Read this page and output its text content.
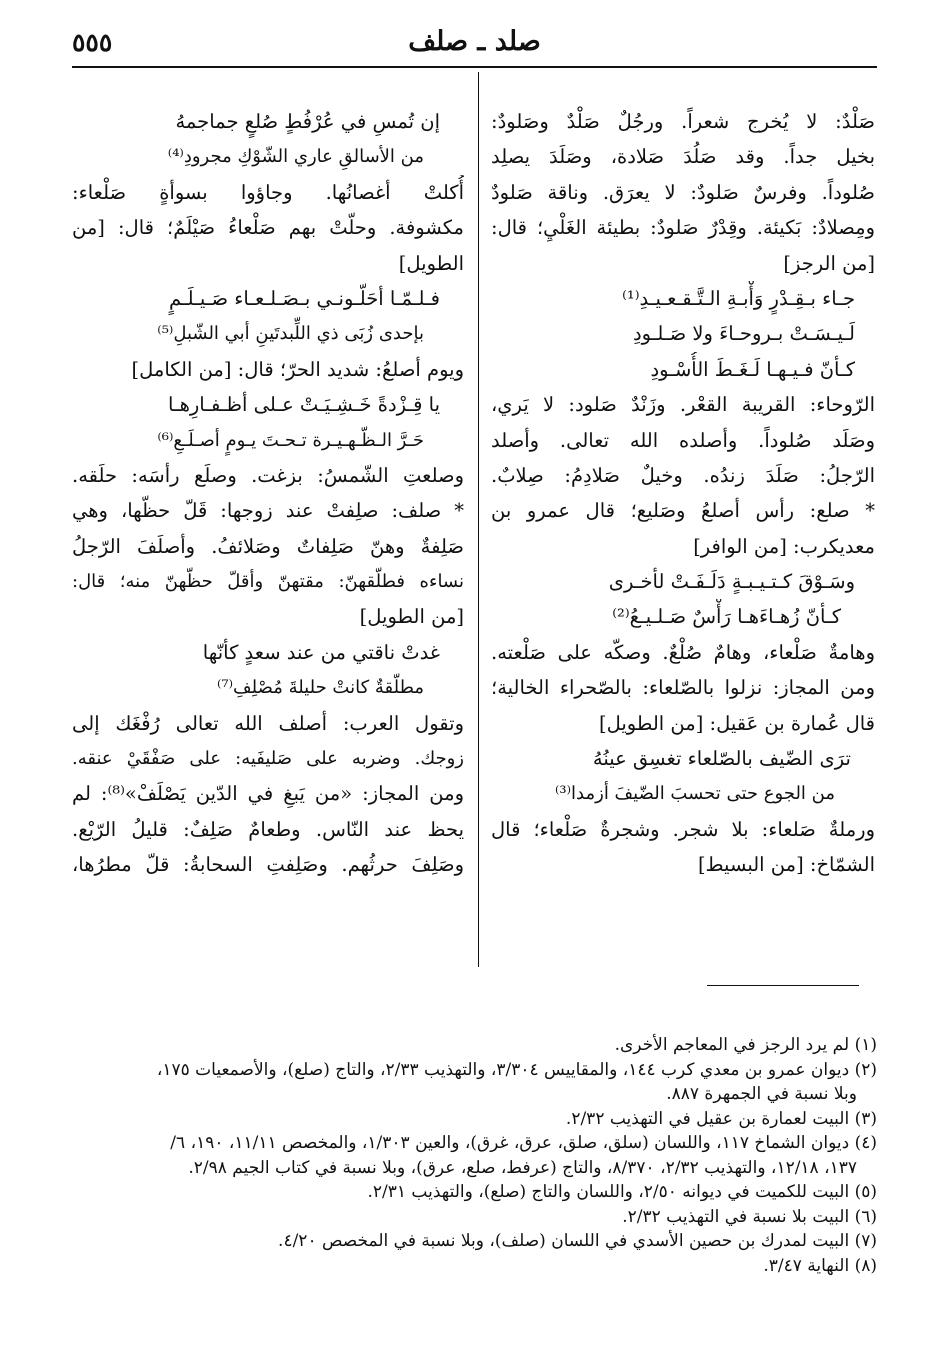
صلد ـ صلف
٥٥٥
صَلْدٌ: لا يُخرج شعراً. ورجُلٌ صَلْدٌ وصَلودٌ:
بخيل جداً. وقد صَلُدَ صَلادة، وصَلَدَ يصلِد
صُلوداً. وفرسٌ صَلودٌ: لا يعرَق. وناقة صَلودٌ
ومِصلادٌ: بَكيئة. وقِدْرٌ صَلودٌ: بطيئة الغَلْيِ؛ قال:
[من الرجز]
جـاء بـقِـدْرٍ وَأْبـةِ الـتَّـقـعـيـدِ⁽¹⁾
لَـيـسَـتْ بـروحـاءَ ولا صَـلـودِ
كـأنّ فـيـهـا لَـغَـطَ الأُسْـودِ
الرّوحاء: القريبة القعْر. وزَنْدٌ صَلود: لا يَري،
وصَلَد صُلوداً. وأصلده الله تعالى. وأصلد
الرّجلُ: صَلَدَ زندُه. وخيلٌ صَلادِمُ: صِلابٌ.
* صلع: رأس أصلعُ وصَليع؛ قال عمرو بن
معديكرب: [من الوافر]
وسَـوْقَ كـتـيـبـةٍ دَلَـفَـتْ لأخـرى
كـأنّ زُهـاءَهـا رَأْسٌ صَـلـيـعُ⁽²⁾
وهامةٌ صَلْعاء، وهامٌ صُلْعٌ. وصكّه على صَلْعته.
ومن المجاز: نزلوا بالصّلعاء: بالصّحراء الخالية؛
قال عُمارة بن عَقيل: [من الطويل]
ترَى الضّيف بالصّلعاء تغسِق عينُهُ
من الجوع حتى تحسبَ الضّيفَ أزمدا⁽³⁾
ورملةٌ صَلعاء: بلا شجر. وشجرةٌ صَلْعاء؛ قال
الشمّاخ: [من البسيط]
إن تُمسِ في عُرْفُطٍ صُلعٍ جماجمهُ
من الأسالقِ عاري الشّوْكِ مجرودِ⁽⁴⁾
أُكلتْ أغصانُها. وجاؤوا بسوأةٍ صَلْعاء:
مكشوفة. وحلّتْ بهم صَلْعاءُ صَيْلَمٌ؛ قال: [من
الطويل]
فـلـمّـا أحَلّـونـي بـصَـلـعـاء صَـيـلَـمٍ
بإحدى زُبَى ذي اللِّبدتَينِ أبي الشّبلِ⁽⁵⁾
ويوم أصلعُ: شديد الحرّ؛ قال: [من الكامل]
يا قِـزْدةً خَـشِـيَـتْ عـلى أظـفـارِهـا
حَـرَّ الـظّـهـيـرة تـحـتَ يـومٍ أصـلَـعِ⁽⁶⁾
وصلعتِ الشّمسُ: بزغت. وصلَع رأسَه: حلَقه.
* صلف: صلِفتْ عند زوجها: قَلّ حظّها، وهي
صَلِفةٌ وهنّ صَلِفاتٌ وصَلائفُ. وأصلَفَ الرّجلُ
نساءه فطلّقهنّ: مقتهنّ وأقلّ حظّهنّ منه؛ قال:
[من الطويل]
غدتْ ناقتي من عند سعدٍ كأنّها
مطلّقةٌ كانتْ حليلةَ مُصْلِفِ⁽⁷⁾
وتقول العرب: أصلف الله تعالى رُفْغَك إلى
زوجك. وضربه على صَليفَيه: على صَفْقَيْ عنقه.
ومن المجاز: «من يَبغِ في الدّين يَصْلَفْ»⁽⁸⁾: لم
يحظ عند النّاس. وطعامٌ صَلِفٌ: قليلُ الرّيْع.
وصَلِفَ حرثُهم. وصَلِفتِ السحابةُ: قلّ مطرُها،
(١) لم يرد الرجز في المعاجم الأخرى.
(٢) ديوان عمرو بن معدي كرب ١٤٤، والمقاييس ٣/٣٠٤، والتهذيب ٢/٣٣، والتاج (صلع)، والأصمعيات ١٧٥،
وبلا نسبة في الجمهرة ٨٨٧.
(٣) البيت لعمارة بن عقيل في التهذيب ٢/٣٢.
(٤) ديوان الشماخ ١١٧، واللسان (سلق، صلق، عرق، غرق)، والعين ١/٣٠٣، والمخصص ١١/١١، ١٩٠، ٦/
١٣٧، ١٢/١٨، والتهذيب ٢/٣٢، ٨/٣٧٠، والتاج (عرفط، صلع، عرق)، وبلا نسبة في كتاب الجيم ٢/٩٨.
(٥) البيت للكميت في ديوانه ٢/٥٠، واللسان والتاج (صلع)، والتهذيب ٢/٣١.
(٦) البيت بلا نسبة في التهذيب ٢/٣٢.
(٧) البيت لمدرك بن حصين الأسدي في اللسان (صلف)، وبلا نسبة في المخصص ٤/٢٠.
(٨) النهاية ٣/٤٧.
